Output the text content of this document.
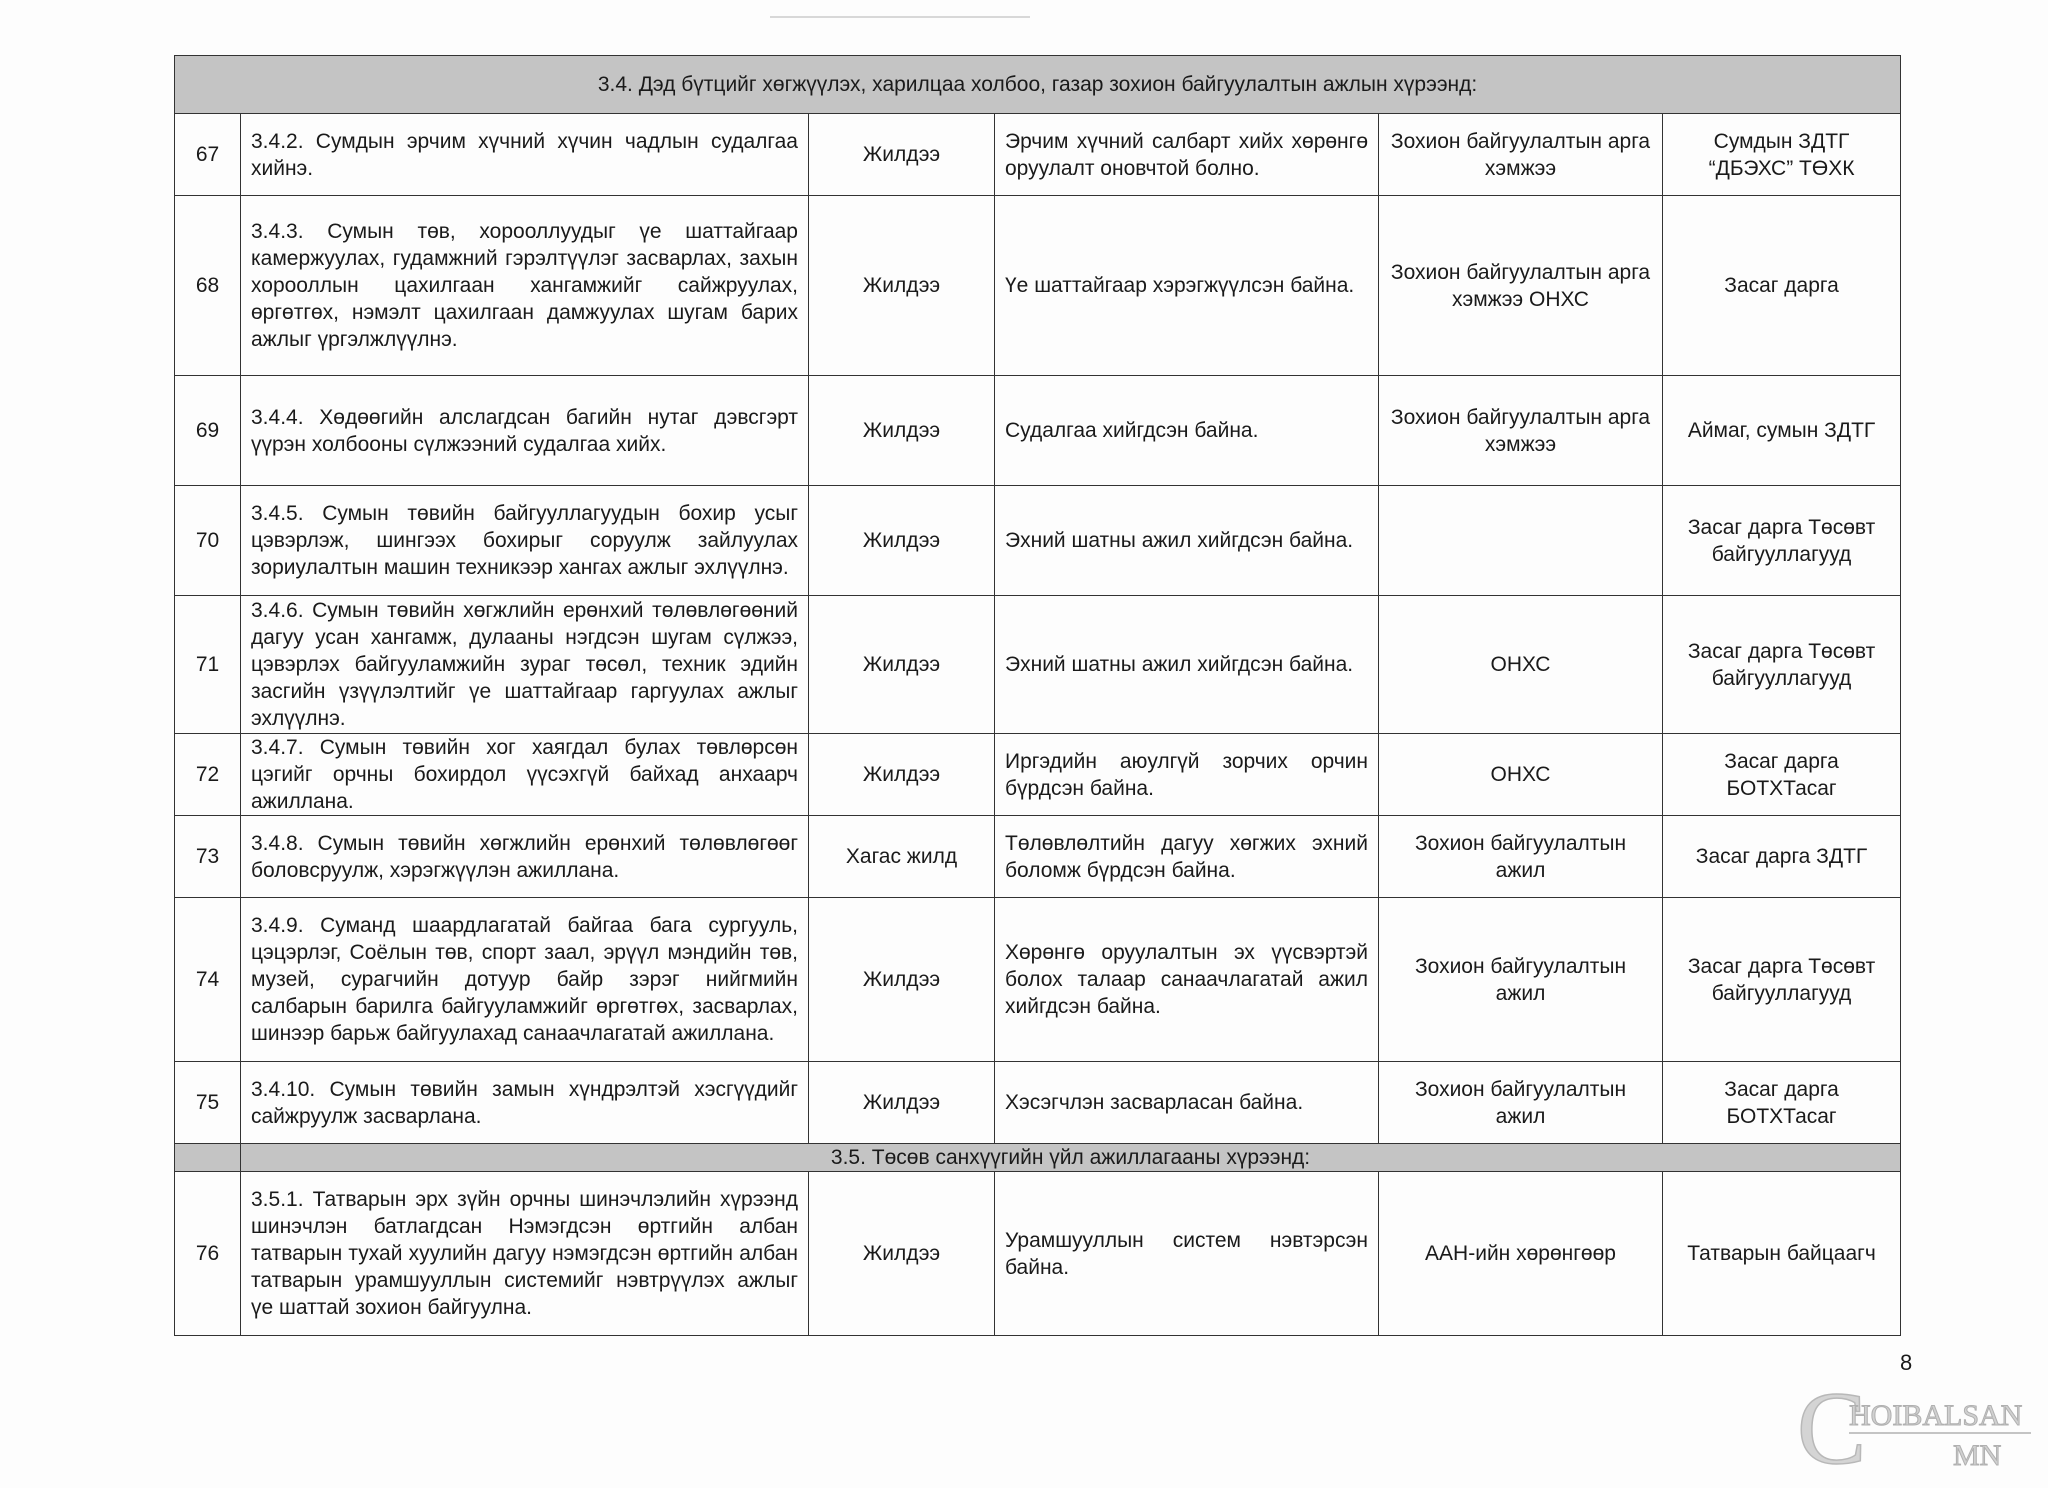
3.4. Дэд бүтцийг хөгжүүлэх, харилцаа холбоо, газар зохион байгуулалтын ажлын хүрээнд:					
67	3.4.2. Сумдын эрчим хүчний хүчин чадлын судалгаа хийнэ.	Жилдээ	Эрчим хүчний салбарт хийх хөрөнгө оруулалт оновчтой болно.	Зохион байгуулалтын арга хэмжээ	Сумдын ЗДТГ “ДБЭХС” ТӨХК
68	3.4.3. Сумын төв, хорооллуудыг үе шаттайгаар камержуулах, гудамжний гэрэлтүүлэг засварлах, захын хорооллын цахилгаан хангамжийг сайжруулах, өргөтгөх, нэмэлт цахилгаан дамжуулах шугам барих ажлыг үргэлжлүүлнэ.	Жилдээ	Үе шаттайгаар хэрэгжүүлсэн байна.	Зохион байгуулалтын арга хэмжээ ОНХС	Засаг дарга
69	3.4.4. Хөдөөгийн алслагдсан багийн нутаг дэвсгэрт үүрэн холбооны сүлжээний судалгаа хийх.	Жилдээ	Судалгаа хийгдсэн байна.	Зохион байгуулалтын арга хэмжээ	Аймаг, сумын ЗДТГ
70	3.4.5. Сумын төвийн байгууллагуудын бохир усыг цэвэрлэж, шингээх бохирыг соруулж зайлуулах зориулалтын машин техникээр хангах ажлыг эхлүүлнэ.	Жилдээ	Эхний шатны ажил хийгдсэн байна.		Засаг дарга Төсөвт байгууллагууд
71	3.4.6. Сумын төвийн хөгжлийн ерөнхий төлөвлөгөөний дагуу усан хангамж, дулааны нэгдсэн шугам сүлжээ, цэвэрлэх байгууламжийн зураг төсөл, техник эдийн засгийн үзүүлэлтийг үе шаттайгаар гаргуулах ажлыг эхлүүлнэ.	Жилдээ	Эхний шатны ажил хийгдсэн байна.	ОНХС	Засаг дарга Төсөвт байгууллагууд
72	3.4.7. Сумын төвийн хог хаягдал булах төвлөрсөн цэгийг орчны бохирдол үүсэхгүй байхад анхаарч ажиллана.	Жилдээ	Иргэдийн аюулгүй зорчих орчин бүрдсэн байна.	ОНХС	Засаг дарга БОТХТасаг
73	3.4.8. Сумын төвийн хөгжлийн ерөнхий төлөвлөгөөг боловсруулж, хэрэгжүүлэн ажиллана.	Хагас жилд	Төлөвлөлтийн дагуу хөгжих эхний боломж бүрдсэн байна.	Зохион байгуулалтын ажил	Засаг дарга ЗДТГ
74	3.4.9. Суманд шаардлагатай байгаа бага сургууль, цэцэрлэг, Соёлын төв, спорт заал, эрүүл мэндийн төв, музей, сурагчийн дотуур байр зэрэг нийгмийн салбарын барилга байгууламжийг өргөтгөх, засварлах, шинээр барьж байгуулахад санаачлагатай ажиллана.	Жилдээ	Хөрөнгө оруулалтын эх үүсвэртэй болох талаар санаачлагатай ажил хийгдсэн байна.	Зохион байгуулалтын ажил	Засаг дарга Төсөвт байгууллагууд
75	3.4.10. Сумын төвийн замын хүндрэлтэй хэсгүүдийг сайжруулж засварлана.	Жилдээ	Хэсэгчлэн засварласан байна.	Зохион байгуулалтын ажил	Засаг дарга БОТХТасаг
	3.5. Төсөв санхүүгийн үйл ажиллагааны хүрээнд:				
76	3.5.1. Татварын эрх зүйн орчны шинэчлэлийн хүрээнд шинэчлэн батлагдсан Нэмэгдсэн өртгийн албан татварын тухай хуулийн дагуу нэмэгдсэн өртгийн албан татварын урамшууллын системийг нэвтрүүлэх ажлыг үе шаттай зохион байгуулна.	Жилдээ	Урамшууллын систем нэвтэрсэн байна.	ААН-ийн хөрөнгөөр	Татварын байцаагч
8
C
HOIBALSAN
MN
